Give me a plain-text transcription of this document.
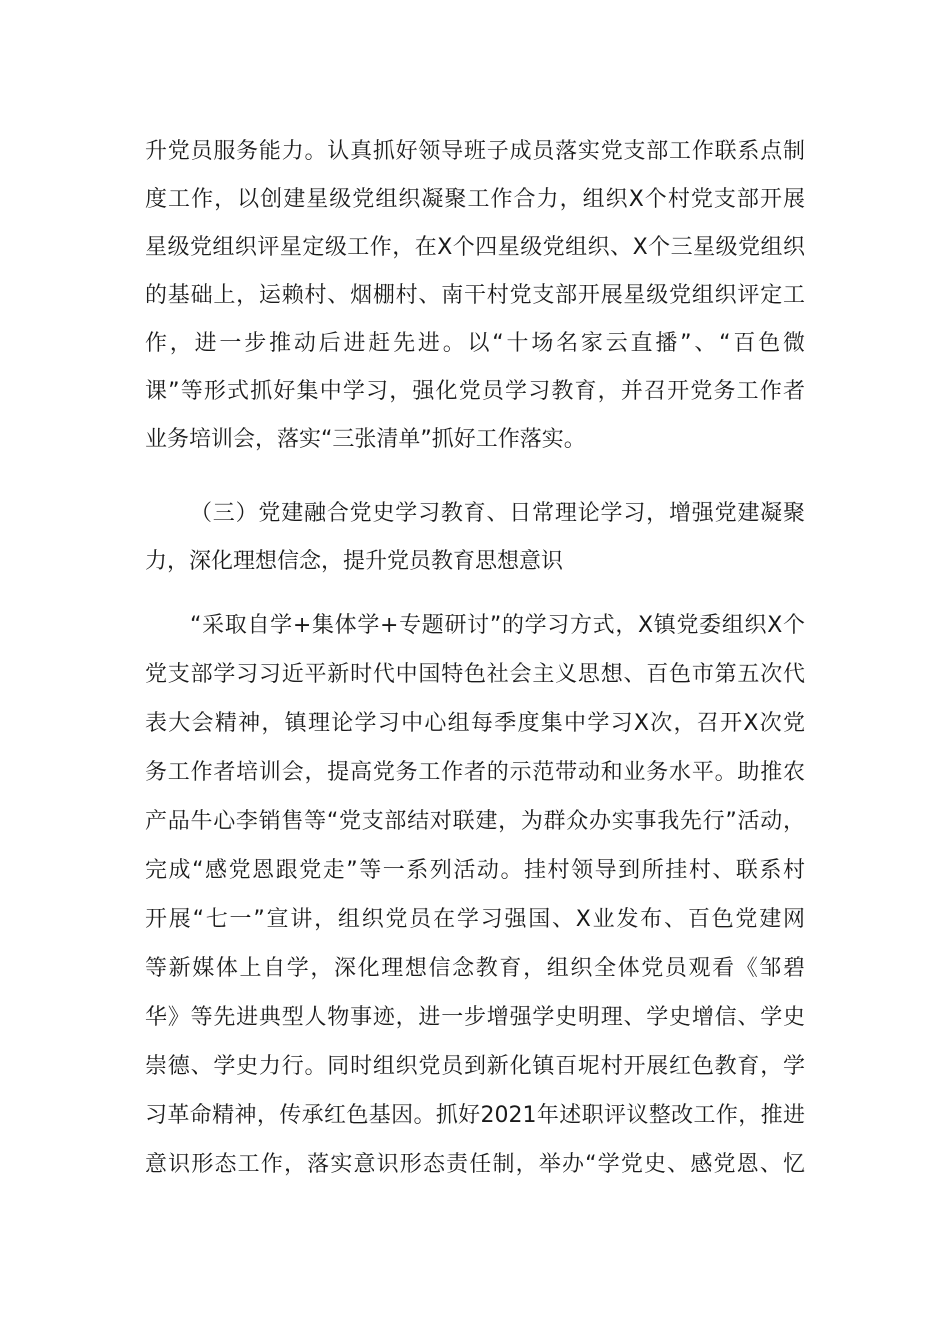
升党员服务能力。认真抓好领导班子成员落实党支部工作联系点制
度工作，以创建星级党组织凝聚工作合力，组织X个村党支部开展
星级党组织评星定级工作，在X个四星级党组织、X个三星级党组织
的基础上，运赖村、烟棚村、南干村党支部开展星级党组织评定工
作，进一步推动后进赶先进。以“十场名家云直播”、“百色微
课”等形式抓好集中学习，强化党员学习教育，并召开党务工作者
业务培训会，落实“三张清单”抓好工作落实。
（三）党建融合党史学习教育、日常理论学习，增强党建凝聚
力，深化理想信念，提升党员教育思想意识
“采取自学+集体学+专题研讨”的学习方式，X镇党委组织X个
党支部学习习近平新时代中国特色社会主义思想、百色市第五次代
表大会精神，镇理论学习中心组每季度集中学习X次，召开X次党
务工作者培训会，提高党务工作者的示范带动和业务水平。助推农
产品牛心李销售等“党支部结对联建，为群众办实事我先行”活动，
完成“感党恩跟党走”等一系列活动。挂村领导到所挂村、联系村
开展“七一”宣讲，组织党员在学习强国、X业发布、百色党建网
等新媒体上自学，深化理想信念教育，组织全体党员观看《邹碧
华》等先进典型人物事迹，进一步增强学史明理、学史增信、学史
崇德、学史力行。同时组织党员到新化镇百坭村开展红色教育，学
习革命精神，传承红色基因。抓好2021年述职评议整改工作，推进
意识形态工作，落实意识形态责任制，举办“学党史、感党恩、忆
